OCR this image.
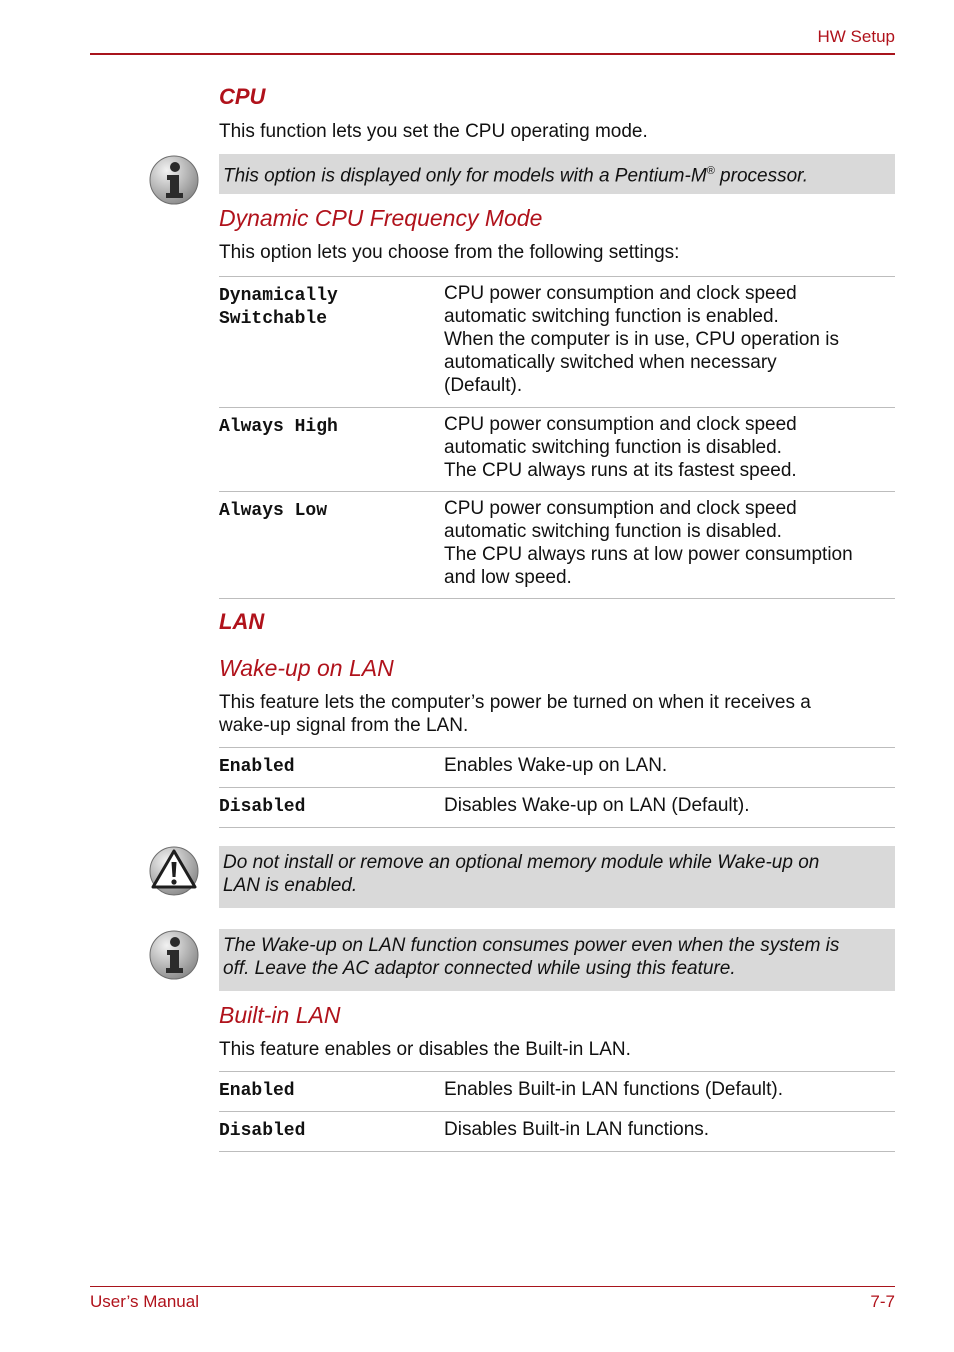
HW Setup
CPU
This function lets you set the CPU operating mode.
This option is displayed only for models with a Pentium-M® processor.
Dynamic CPU Frequency Mode
This option lets you choose from the following settings:
Dynamically
Switchable	CPU power consumption and clock speed
automatic switching function is enabled.
When the computer is in use, CPU operation is
automatically switched when necessary
(Default).

Always High	CPU power consumption and clock speed
automatic switching function is disabled.
The CPU always runs at its fastest speed.

Always Low	CPU power consumption and clock speed
automatic switching function is disabled.
The CPU always runs at low power consumption
and low speed.
LAN
Wake-up on LAN
This feature lets the computer’s power be turned on when it receives a
wake-up signal from the LAN.
Enabled	Enables Wake-up on LAN.

Disabled	Disables Wake-up on LAN (Default).
Do not install or remove an optional memory module while Wake-up on
LAN is enabled.
The Wake-up on LAN function consumes power even when the system is
off. Leave the AC adaptor connected while using this feature.
Built-in LAN
This feature enables or disables the Built-in LAN.
Enabled	Enables Built-in LAN functions (Default).

Disabled	Disables Built-in LAN functions.
User’s Manual	7-7
